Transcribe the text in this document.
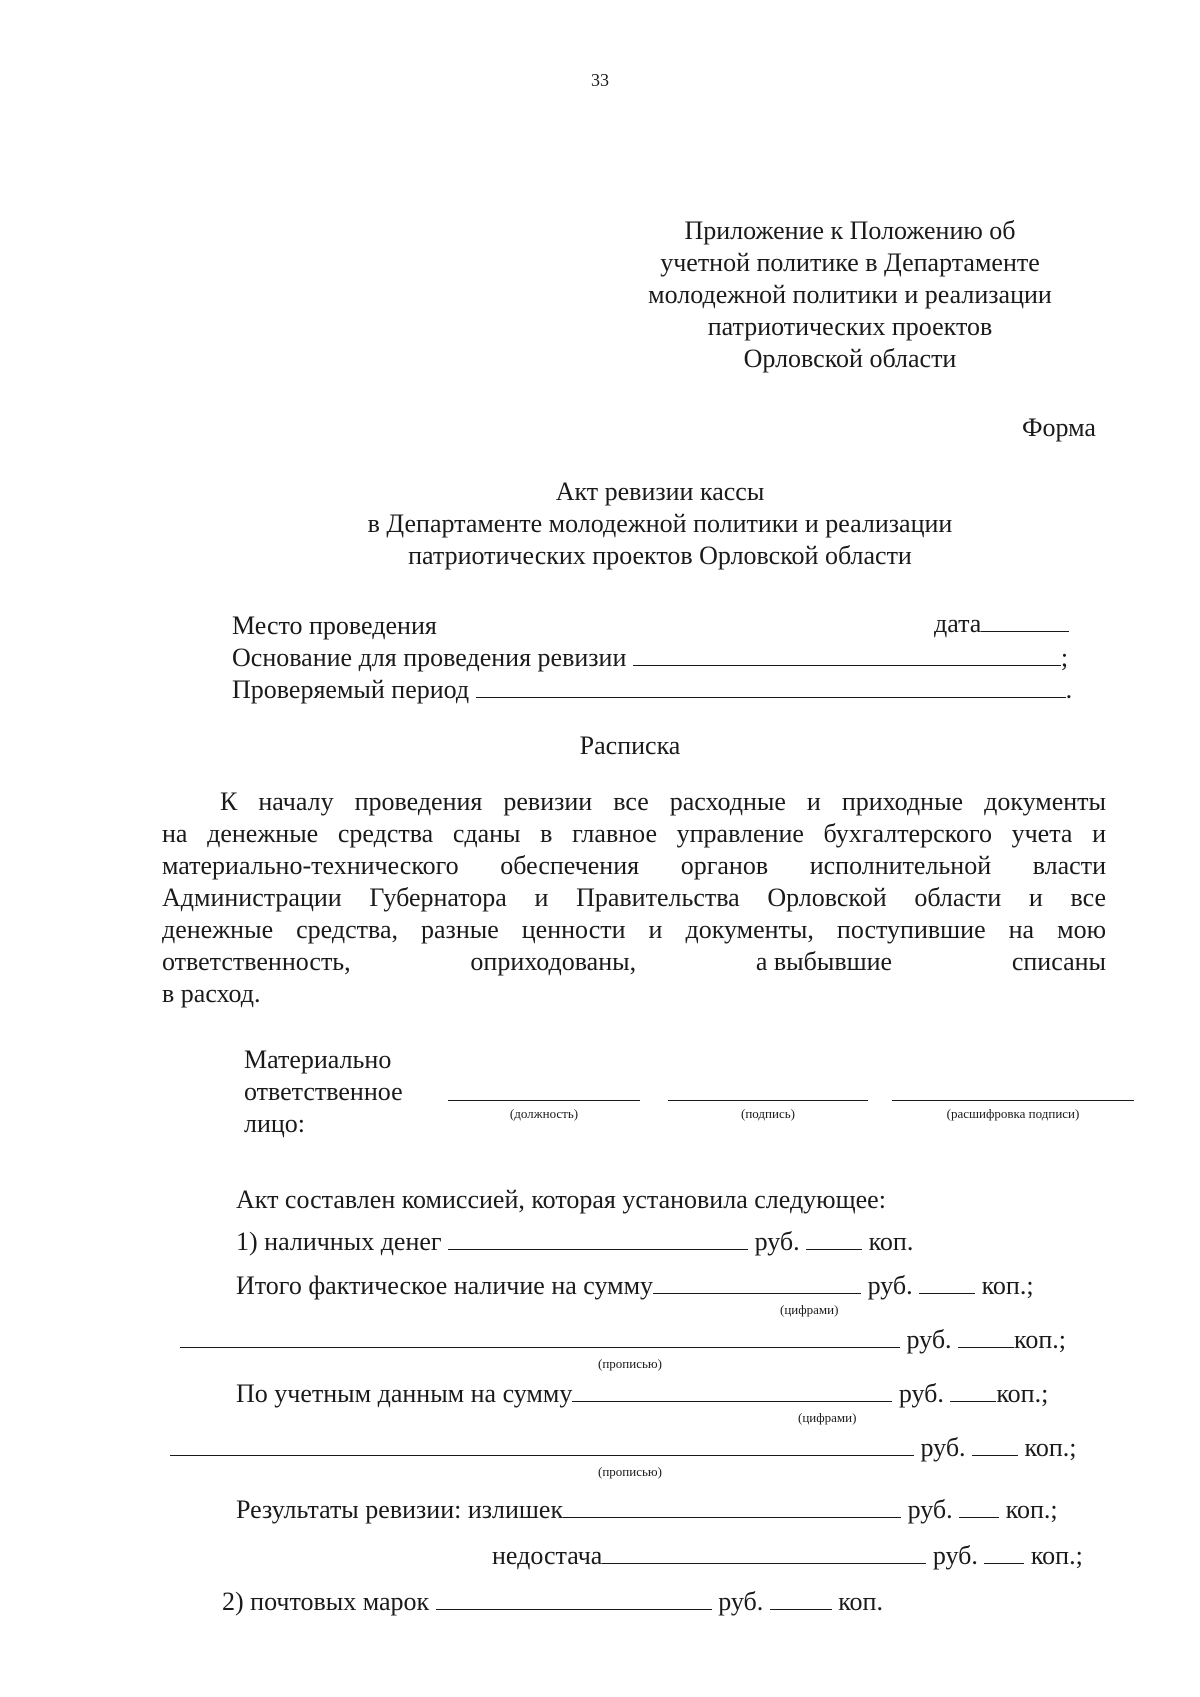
33
Приложение к Положению об
учетной политике в Департаменте
молодежной политики и реализации
патриотических проектов
Орловской области
Форма
Акт ревизии кассы
в Департаменте молодежной политики и реализации
патриотических проектов Орловской области
Место проведения	дата
Основание для проведения ревизии	;
Проверяемый период	.
Расписка
К началу проведения ревизии все расходные и приходные документы
на денежные средства сданы в главное управление бухгалтерского учета и
материально-технического обеспечения органов исполнительной власти
Администрации Губернатора и Правительства Орловской области и все
денежные средства, разные ценности и документы, поступившие на мою
ответственность,	оприходованы,	а выбывшие	списаны
в расход.
Материально
ответственное
лицо:	(должность)	(подпись)	(расшифровка подписи)
Акт составлен комиссией, которая установила следующее:
1) наличных денег	руб.	коп.
Итого фактическое наличие на сумму	руб.	коп.;
(цифрами)
руб. коп.;
(прописью)
По учетным данным на сумму	руб. коп.;
(цифрами)
руб. коп.;
(прописью)
Результаты ревизии: излишек	руб. коп.;
недостача	руб. коп.;
2) почтовых марок	руб.	коп.
